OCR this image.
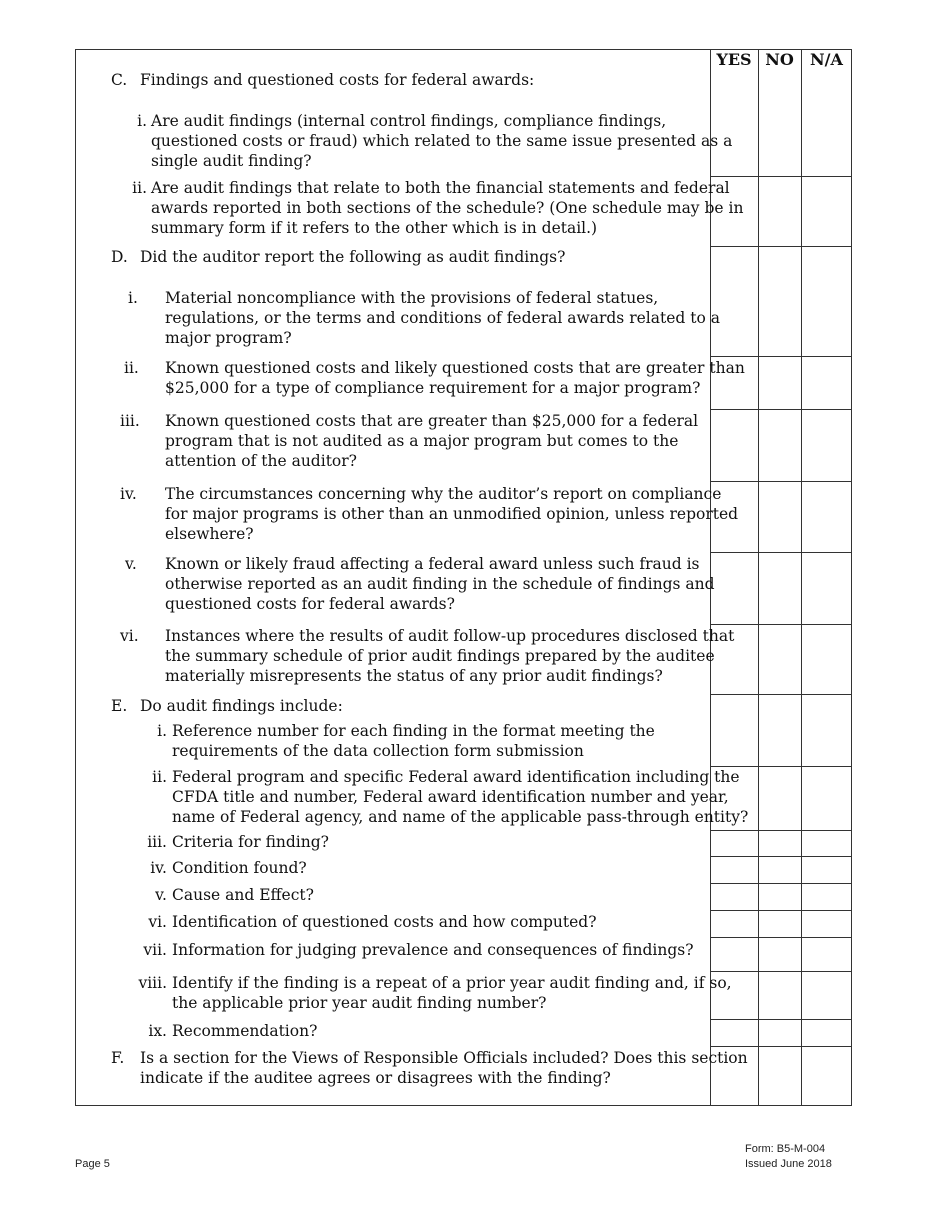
YES NO	N/A
C. Findings and questioned costs for federal awards:
i. Are audit findings (internal control findings, compliance findings,
questioned costs or fraud) which related to the same issue presented as a
single audit finding?
ii. Are audit findings that relate to both the financial statements and federal
awards reported in both sections of the schedule? (One schedule may be in
summary form if it refers to the other which is in detail.)
D. Did the auditor report the following as audit findings?
i. Material noncompliance with the provisions of federal statues,
regulations, or the terms and conditions of federal awards related to a
major program?
ii. Known questioned costs and likely questioned costs that are greater than
$25,000 for a type of compliance requirement for a major program?
iii. Known questioned costs that are greater than $25,000 for a federal
program that is not audited as a major program but comes to the
attention of the auditor?
iv. The circumstances concerning why the auditor’s report on compliance
for major programs is other than an unmodified opinion, unless reported
elsewhere?
v. Known or likely fraud affecting a federal award unless such fraud is
otherwise reported as an audit finding in the schedule of findings and
questioned costs for federal awards?
vi. Instances where the results of audit follow-up procedures disclosed that
the summary schedule of prior audit findings prepared by the auditee
materially misrepresents the status of any prior audit findings?
E. Do audit findings include:
i. Reference number for each finding in the format meeting the
requirements of the data collection form submission
ii. Federal program and specific Federal award identification including the
CFDA title and number, Federal award identification number and year,
name of Federal agency, and name of the applicable pass-through entity?
iii. Criteria for finding?
iv. Condition found?
v. Cause and Effect?
vi. Identification of questioned costs and how computed?
vii. Information for judging prevalence and consequences of findings?
viii. Identify if the finding is a repeat of a prior year audit finding and, if so,
the applicable prior year audit finding number?
ix. Recommendation?
F. Is a section for the Views of Responsible Officials included? Does this section
indicate if the auditee agrees or disagrees with the finding?
Page 5
Form: B5-M-004
Issued June 2018
